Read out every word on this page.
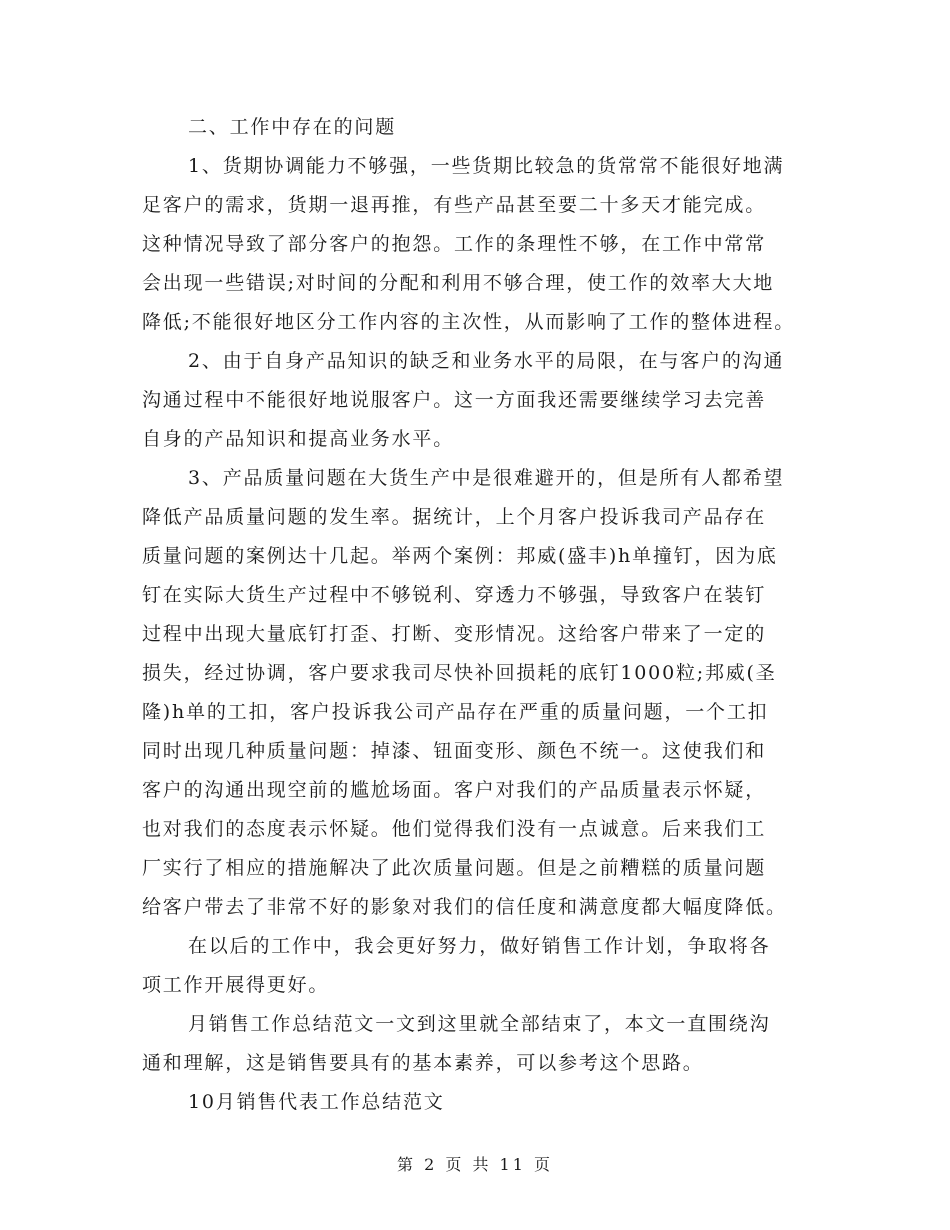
二、工作中存在的问题
1、货期协调能力不够强，一些货期比较急的货常常不能很好地满
足客户的需求，货期一退再推，有些产品甚至要二十多天才能完成。
这种情况导致了部分客户的抱怨。工作的条理性不够，在工作中常常
会出现一些错误;对时间的分配和利用不够合理，使工作的效率大大地
降低;不能很好地区分工作内容的主次性，从而影响了工作的整体进程。
2、由于自身产品知识的缺乏和业务水平的局限，在与客户的沟通
沟通过程中不能很好地说服客户。这一方面我还需要继续学习去完善
自身的产品知识和提高业务水平。
3、产品质量问题在大货生产中是很难避开的，但是所有人都希望
降低产品质量问题的发生率。据统计，上个月客户投诉我司产品存在
质量问题的案例达十几起。举两个案例：邦威(盛丰)h单撞钉，因为底
钉在实际大货生产过程中不够锐利、穿透力不够强，导致客户在装钉
过程中出现大量底钉打歪、打断、变形情况。这给客户带来了一定的
损失，经过协调，客户要求我司尽快补回损耗的底钉1000粒;邦威(圣
隆)h单的工扣，客户投诉我公司产品存在严重的质量问题，一个工扣
同时出现几种质量问题：掉漆、钮面变形、颜色不统一。这使我们和
客户的沟通出现空前的尴尬场面。客户对我们的产品质量表示怀疑，
也对我们的态度表示怀疑。他们觉得我们没有一点诚意。后来我们工
厂实行了相应的措施解决了此次质量问题。但是之前糟糕的质量问题
给客户带去了非常不好的影象对我们的信任度和满意度都大幅度降低。
在以后的工作中，我会更好努力，做好销售工作计划，争取将各
项工作开展得更好。
月销售工作总结范文一文到这里就全部结束了，本文一直围绕沟
通和理解，这是销售要具有的基本素养，可以参考这个思路。
10月销售代表工作总结范文
第 2 页 共 11 页
